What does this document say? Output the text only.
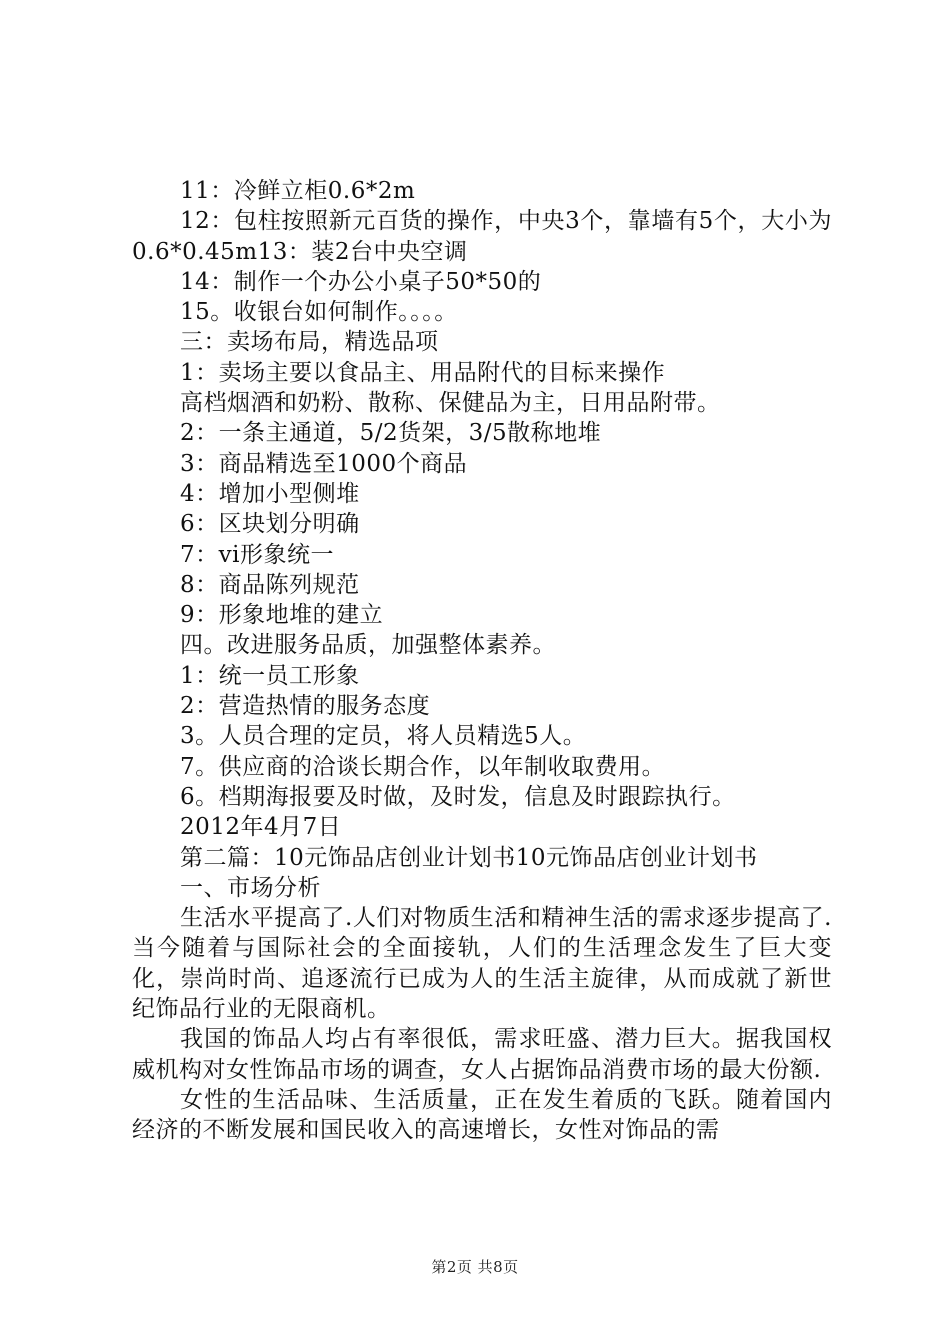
11：冷鲜立柜0.6*2m

12：包柱按照新元百货的操作，中央3个，靠墙有5个，大小为0.6*0.45m13：装2台中央空调

14：制作一个办公小桌子50*50的

15。收银台如何制作。。。。

三：卖场布局，精选品项

1：卖场主要以食品主、用品附代的目标来操作

高档烟酒和奶粉、散称、保健品为主，日用品附带。

2：一条主通道，5/2货架，3/5散称地堆

3：商品精选至1000个商品

4：增加小型侧堆

6：区块划分明确

7：vi形象统一

8：商品陈列规范

9：形象地堆的建立

四。改进服务品质，加强整体素养。

1：统一员工形象

2：营造热情的服务态度

3。人员合理的定员，将人员精选5人。

7。供应商的洽谈长期合作，以年制收取费用。

6。档期海报要及时做，及时发，信息及时跟踪执行。

2012年4月7日

第二篇：10元饰品店创业计划书10元饰品店创业计划书

一、市场分析

生活水平提高了.人们对物质生活和精神生活的需求逐步提高了.当今随着与国际社会的全面接轨，人们的生活理念发生了巨大变化，崇尚时尚、追逐流行已成为人的生活主旋律，从而成就了新世纪饰品行业的无限商机。

我国的饰品人均占有率很低，需求旺盛、潜力巨大。据我国权威机构对女性饰品市场的调查，女人占据饰品消费市场的最大份额.

女性的生活品味、生活质量，正在发生着质的飞跃。随着国内经济的不断发展和国民收入的高速增长，女性对饰品的需

第2页 共8页
